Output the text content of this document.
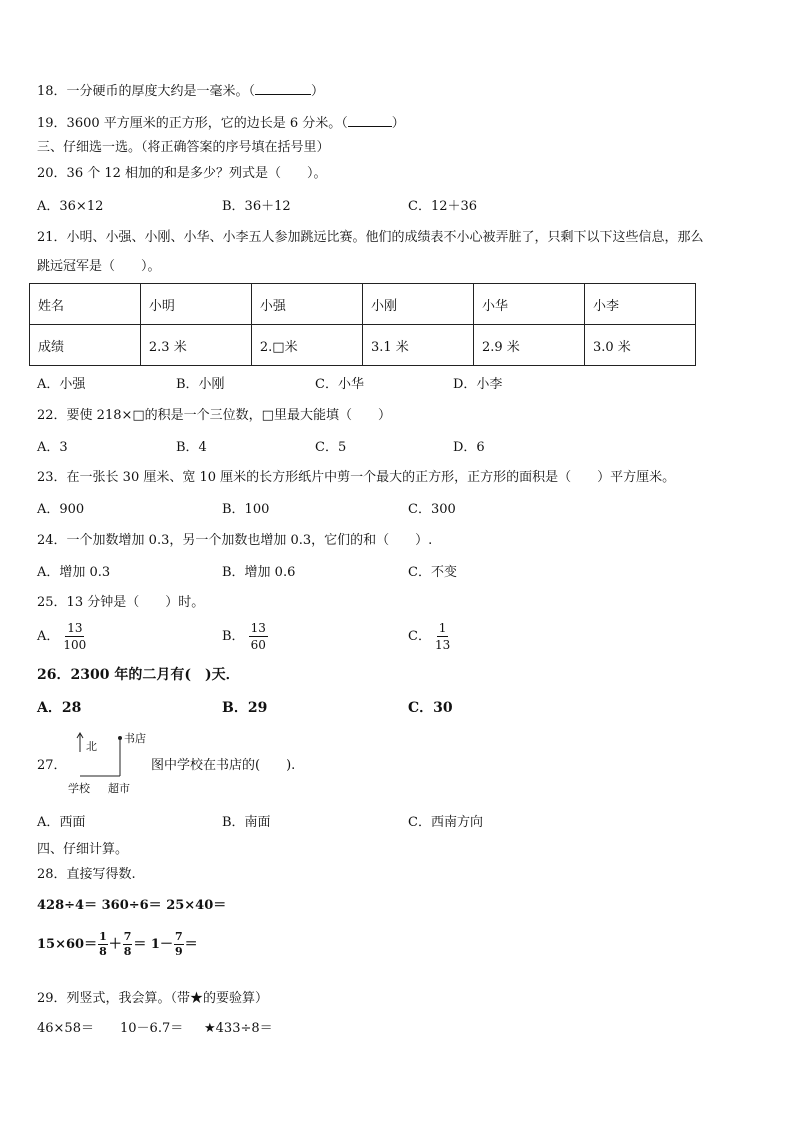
18．一分硬币的厚度大约是一毫米。（	）
19．3600 平方厘米的正方形，它的边长是 6 分米。（	）
三、仔细选一选。（将正确答案的序号填在括号里）
20．36 个 12 相加的和是多少？列式是（　　）。
A．36×12	B．36＋12	C．12＋36
21．小明、小强、小刚、小华、小李五人参加跳远比赛。他们的成绩表不小心被弄脏了，只剩下以下这些信息，那么
跳远冠军是（　　）。
姓名	小明	小强	小刚	小华	小李
成绩	2.3 米	2.□米	3.1 米	2.9 米	3.0 米
A．小强	B．小刚	C．小华	D．小李
22．要使 218×□的积是一个三位数，□里最大能填（　　）
A．3	B．4	C．5	D．6
23．在一张长 30 厘米、宽 10 厘米的长方形纸片中剪一个最大的正方形，正方形的面积是（　　）平方厘米。
A．900	B．100	C．300
24．一个加数增加 0.3，另一个加数也增加 0.3，它们的和（　　）.
A．增加 0.3	B．增加 0.6	C．不变
25．13 分钟是（　　）时。
A． $\frac{13}{100}$	B． $\frac{13}{60}$	C． $\frac{1}{13}$
26．2300 年的二月有(　)天．
A．28	B．29	C．30
27．
北
书店
学校 超市
图中学校在书店的(　　).
A．西面	B．南面	C．西南方向
四、仔细计算。
28．直接写得数.
428÷4＝ 360÷6＝ 25×40＝
$15\times 60= \frac{1}{8} + \frac{7}{8} = 1- \frac{7}{9}$ ＝
29．列竖式，我会算。（带★的要验算）
46×58＝ 10－6.7＝ ★433÷8＝
